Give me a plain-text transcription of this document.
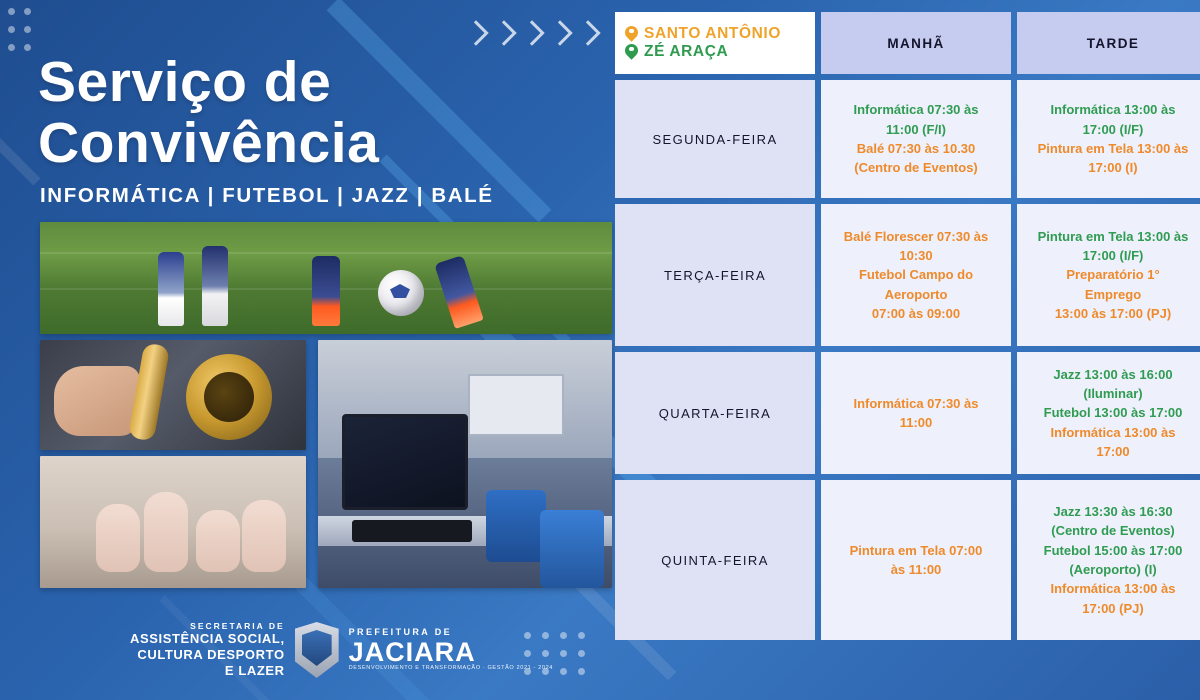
Serviço de
Convivência
INFORMÁTICA | FUTEBOL | JAZZ | BALÉ
SECRETARIA DE
ASSISTÊNCIA SOCIAL,
CULTURA DESPORTO
E LAZER
PREFEITURA DE
JACIARA
DESENVOLVIMENTO E TRANSFORMAÇÃO · GESTÃO 2021 - 2024
SANTO ANTÔNIO
ZÉ ARAÇA	MANHÃ	TARDE
SEGUNDA-FEIRA
Informática 07:30 às
11:00 (F/I)
Balé 07:30 às 10.30
(Centro de Eventos)
Informática 13:00 às
17:00 (I/F)
Pintura em Tela 13:00 às
17:00 (I)
TERÇA-FEIRA
Balé Florescer 07:30 às
10:30
Futebol Campo do
Aeroporto
07:00 às 09:00
Pintura em Tela 13:00 às
17:00 (I/F)
Preparatório 1°
Emprego
13:00 às 17:00 (PJ)
QUARTA-FEIRA
Informática 07:30 às
11:00
Jazz 13:00 às 16:00
(Iluminar)
Futebol 13:00 às 17:00
Informática 13:00 às
17:00
QUINTA-FEIRA
Pintura em Tela 07:00
às 11:00
Jazz 13:30 às 16:30
(Centro de Eventos)
Futebol 15:00 às 17:00
(Aeroporto) (I)
Informática 13:00 às
17:00 (PJ)
